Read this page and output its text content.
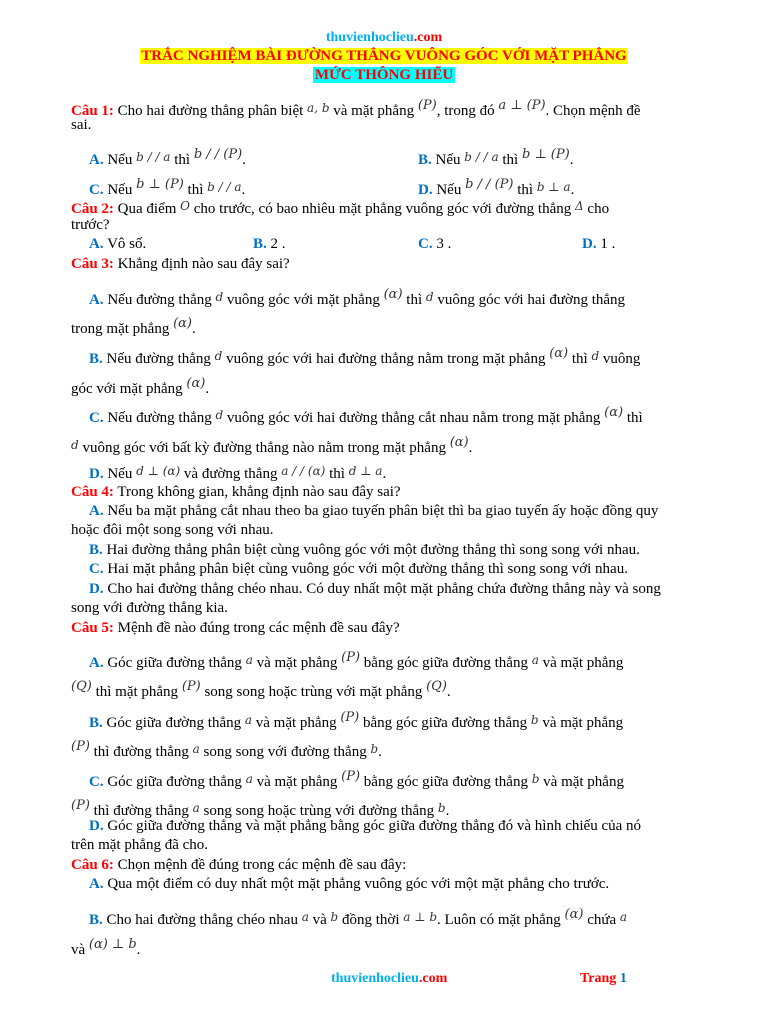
thuvienhoclieu.com
TRẮC NGHIỆM BÀI ĐƯỜNG THẲNG VUÔNG GÓC VỚI MẶT PHẲNG
MỨC THÔNG HIỂU
Câu 1: Cho hai đường thẳng phân biệt $^{a, b}$ và mặt phẳng (P), trong đó a ⊥ (P). Chọn mệnh đề
sai.
A. Nếu $^{b / / a}$ thì b / / (P).	B. Nếu $^{b / / a}$ thì b ⊥ (P).
C. Nếu b ⊥ (P) thì $^{b / / a}$.	D. Nếu b / / (P) thì $^{b \perp a}$.
Câu 2: Qua điểm $^O$ cho trước, có bao nhiêu mặt phẳng vuông góc với đường thẳng $^\Delta$ cho
trước?
A. Vô số.	B. 2 .	C. 3 .	D. 1 .
Câu 3: Khẳng định nào sau đây sai?
A. Nếu đường thẳng $^d$ vuông góc với mặt phẳng (α) thì $^d$ vuông góc với hai đường thẳng
trong mặt phẳng (α).
B. Nếu đường thẳng $^d$ vuông góc với hai đường thẳng nằm trong mặt phẳng (α) thì $^d$ vuông
góc với mặt phẳng (α).
C. Nếu đường thẳng $^d$ vuông góc với hai đường thẳng cắt nhau nằm trong mặt phẳng (α) thì
$^d$ vuông góc với bất kỳ đường thẳng nào nằm trong mặt phẳng (α).
D. Nếu $^{d \perp (\alpha)}$ và đường thẳng $^{a / / (\alpha)}$ thì $^{d \perp a}$.
Câu 4: Trong không gian, khẳng định nào sau đây sai?
A. Nếu ba mặt phẳng cắt nhau theo ba giao tuyến phân biệt thì ba giao tuyến ấy hoặc đồng quy
hoặc đôi một song song với nhau.
B. Hai đường thẳng phân biệt cùng vuông góc với một đường thẳng thì song song với nhau.
C. Hai mặt phẳng phân biệt cùng vuông góc với một đường thẳng thì song song với nhau.
D. Cho hai đường thẳng chéo nhau. Có duy nhất một mặt phẳng chứa đường thẳng này và song
song với đường thẳng kia.
Câu 5: Mệnh đề nào đúng trong các mệnh đề sau đây?
A. Góc giữa đường thẳng $^a$ và mặt phẳng (P) bằng góc giữa đường thẳng $^a$ và mặt phẳng
(Q) thì mặt phẳng (P) song song hoặc trùng với mặt phẳng (Q).
B. Góc giữa đường thẳng $^a$ và mặt phẳng (P) bằng góc giữa đường thẳng $^b$ và mặt phẳng
(P) thì đường thẳng $^a$ song song với đường thẳng $^b$.
C. Góc giữa đường thẳng $^a$ và mặt phẳng (P) bằng góc giữa đường thẳng $^b$ và mặt phẳng
(P) thì đường thẳng $^a$ song song hoặc trùng với đường thẳng $^b$.
D. Góc giữa đường thẳng và mặt phẳng bằng góc giữa đường thẳng đó và hình chiếu của nó
trên mặt phẳng đã cho.
Câu 6: Chọn mệnh đề đúng trong các mệnh đề sau đây:
A. Qua một điểm có duy nhất một mặt phẳng vuông góc với một mặt phẳng cho trước.
B. Cho hai đường thẳng chéo nhau $^a$ và $^b$ đồng thời $^{a \perp b}$. Luôn có mặt phẳng (α) chứa $^a$
và (α) ⊥ b.
thuvienhoclieu.com	Trang 1
